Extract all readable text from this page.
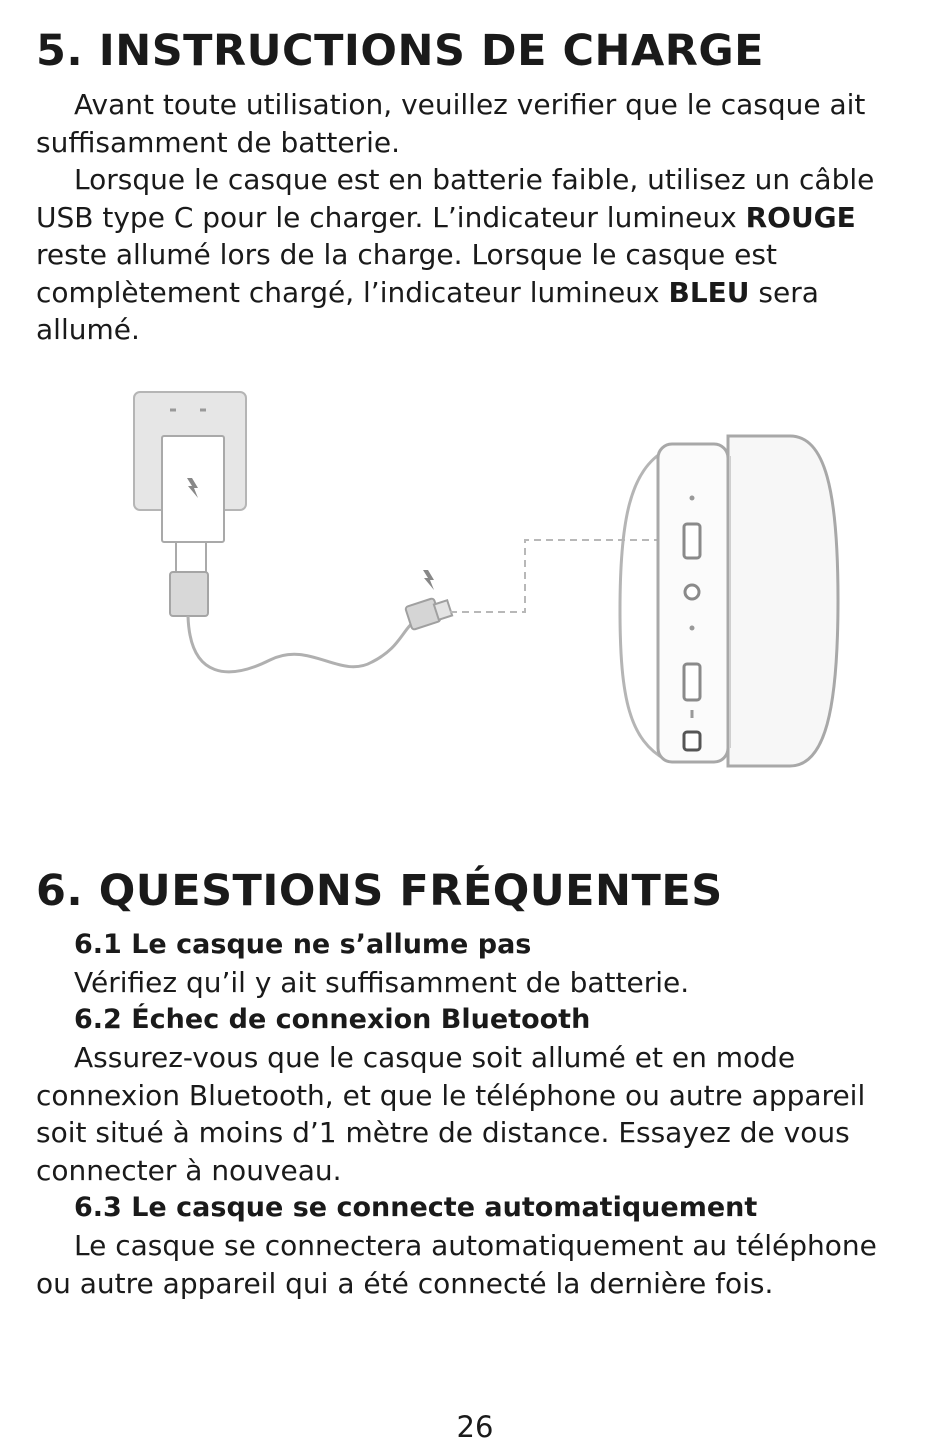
5. INSTRUCTIONS DE CHARGE

Avant toute utilisation, veuillez verifier que le casque ait suffisamment de batterie.

Lorsque le casque est en batterie faible, utilisez un câble USB type C pour le charger. L’indicateur lumineux ROUGE reste allumé lors de la charge. Lorsque le casque est complètement chargé, l’indicateur lumineux BLEU sera allumé.

6. QUESTIONS FRÉQUENTES

6.1 Le casque ne s’allume pas

Vérifiez qu’il y ait suffisamment de batterie.

6.2 Échec de connexion Bluetooth

Assurez-vous que le casque soit allumé et en mode connexion Bluetooth, et que le téléphone ou autre appareil soit situé à moins d’1 mètre de distance. Essayez de vous connecter à nouveau.

6.3 Le casque se connecte automatiquement

Le casque se connectera automatiquement au téléphone ou autre appareil qui a été connecté la dernière fois.

26
